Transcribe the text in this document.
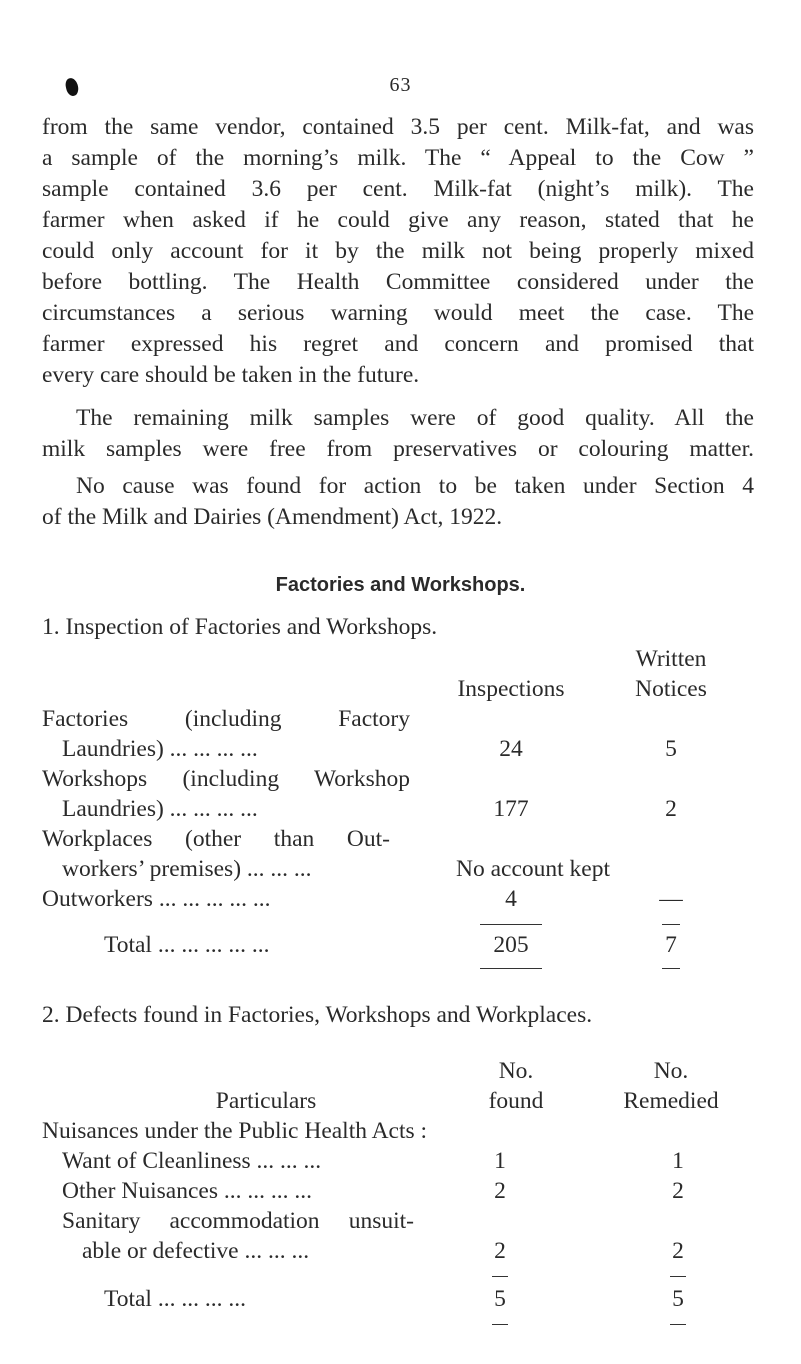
63
from the same vendor, contained 3.5 per cent. Milk-fat, and was
a sample of the morning’s milk. The “ Appeal to the Cow ”
sample contained 3.6 per cent. Milk-fat (night’s milk). The
farmer when asked if he could give any reason, stated that he
could only account for it by the milk not being properly mixed
before bottling. The Health Committee considered under the
circumstances a serious warning would meet the case. The
farmer expressed his regret and concern and promised that
every care should be taken in the future.
The remaining milk samples were of good quality. All the
milk samples were free from preservatives or colouring matter.
No cause was found for action to be taken under Section 4
of the Milk and Dairies (Amendment) Act, 1922.
Factories and Workshops.
1. Inspection of Factories and Workshops.
Written
Inspections	Notices
Factories (including Factory
Laundries) ... ... ... ...	24	5
Workshops (including Workshop
Laundries) ... ... ... ...	177	2
Workplaces (other than Out-
workers’ premises) ... ... ...	No account kept
Outworkers ... ... ... ... ...	4	—
Total ... ... ... ... ...	205	7
2. Defects found in Factories, Workshops and Workplaces.
No.	No.
Particulars	found	Remedied
Nuisances under the Public Health Acts :
Want of Cleanliness ... ... ...	1	1
Other Nuisances ... ... ... ...	2	2
Sanitary accommodation unsuit-
able or defective ... ... ...	2	2
Total ... ... ... ...	5	5
